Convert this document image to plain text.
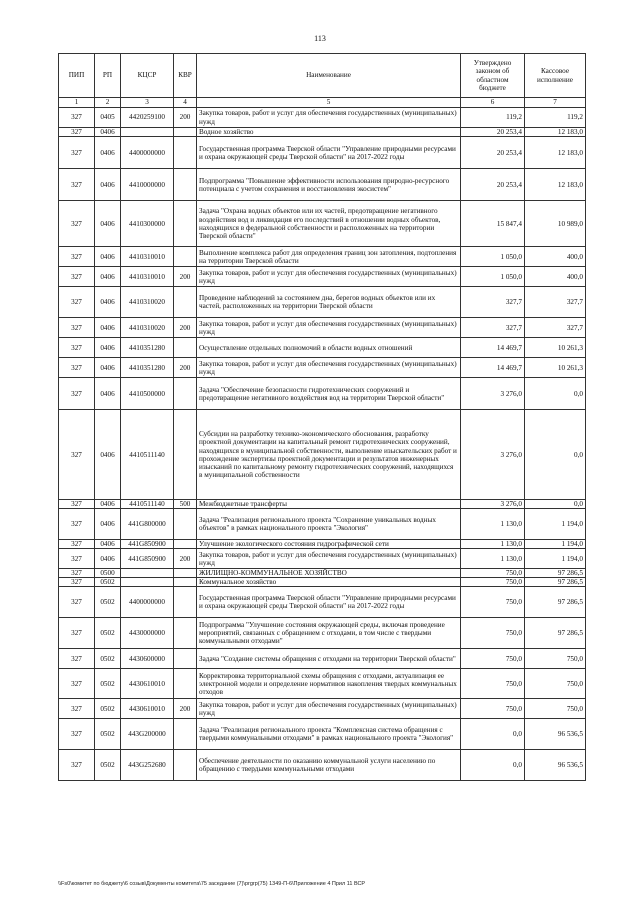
113
ПИП	РП	КЦСР	КВР	Наименование	Утверждено законом об областном бюджете	Кассовое исполнение
1	2	3	4	5	6	7
327	0405	4420259100	200	Закупка товаров, работ и услуг для обеспечения государственных (муниципальных) нужд	119,2	119,2
327	0406			Водное хозяйство	20 253,4	12 183,0
327	0406	4400000000		Государственная программа Тверской области "Управление природными ресурсами и охрана окружающей среды Тверской области" на 2017-2022 годы	20 253,4	12 183,0
327	0406	4410000000		Подпрограмма "Повышение эффективности использования природно-ресурсного потенциала с учетом сохранения и восстановления экосистем"	20 253,4	12 183,0
327	0406	4410300000		Задача "Охрана водных объектов или их частей, предотвращение негативного воздействия вод и ликвидация его последствий в отношении водных объектов, находящихся в федеральной собственности и расположенных на территории Тверской области"	15 847,4	10 989,0
327	0406	4410310010		Выполнение комплекса работ для определения границ зон затопления, подтопления на территории Тверской области	1 050,0	400,0
327	0406	4410310010	200	Закупка товаров, работ и услуг для обеспечения государственных (муниципальных) нужд	1 050,0	400,0
327	0406	4410310020		Проведение наблюдений за состоянием дна, берегов водных объектов или их частей, расположенных на территории Тверской области	327,7	327,7
327	0406	4410310020	200	Закупка товаров, работ и услуг для обеспечения государственных (муниципальных) нужд	327,7	327,7
327	0406	4410351280		Осуществление отдельных полномочий в области водных отношений	14 469,7	10 261,3
327	0406	4410351280	200	Закупка товаров, работ и услуг для обеспечения государственных (муниципальных) нужд	14 469,7	10 261,3
327	0406	4410500000		Задача "Обеспечение безопасности гидротехнических сооружений и предотвращение негативного воздействия вод на территории Тверской области"	3 276,0	0,0
327	0406	4410511140		Субсидии на разработку технико-экономического обоснования, разработку проектной документации на капитальный ремонт гидротехнических сооружений, находящихся в муниципальной собственности, выполнение изыскательских работ и прохождение экспертизы проектной документации и результатов инженерных изысканий по капитальному ремонту гидротехнических сооружений, находящихся в муниципальной собственности	3 276,0	0,0
327	0406	4410511140	500	Межбюджетные трансферты	3 276,0	0,0
327	0406	441G800000		Задача "Реализация регионального проекта "Сохранение уникальных водных объектов" в рамках национального проекта "Экология"	1 130,0	1 194,0
327	0406	441G850900		Улучшение экологического состояния гидрографической сети	1 130,0	1 194,0
327	0406	441G850900	200	Закупка товаров, работ и услуг для обеспечения государственных (муниципальных) нужд	1 130,0	1 194,0
327	0500			ЖИЛИЩНО-КОММУНАЛЬНОЕ ХОЗЯЙСТВО	750,0	97 286,5
327	0502			Коммунальное хозяйство	750,0	97 286,5
327	0502	4400000000		Государственная программа Тверской области "Управление природными ресурсами и охрана окружающей среды Тверской области" на 2017-2022 годы	750,0	97 286,5
327	0502	4430000000		Подпрограмма "Улучшение состояния окружающей среды, включая проведение мероприятий, связанных с обращением с отходами, в том числе с твердыми коммунальными отходами"	750,0	97 286,5
327	0502	4430600000		Задача "Создание системы обращения с отходами на территории Тверской области"	750,0	750,0
327	0502	4430610010		Корректировка территориальной схемы обращения с отходами, актуализация ее электронной модели и определение нормативов накопления твердых коммунальных отходов	750,0	750,0
327	0502	4430610010	200	Закупка товаров, работ и услуг для обеспечения государственных (муниципальных) нужд	750,0	750,0
327	0502	443G200000		Задача "Реализация регионального проекта "Комплексная система обращения с твердыми коммунальными отходами" в рамках национального проекта "Экология"	0,0	96 536,5
327	0502	443G252680		Обеспечение деятельности по оказанию коммунальной услуги населению по обращению с твердыми коммунальными отходами	0,0	96 536,5
\\Fs0\комитет по бюджету\6 созыв\Документы комитета\75 заседание (7)\prgrp(75) 1349-П-6\Приложение 4 Прил 11 ВСР
